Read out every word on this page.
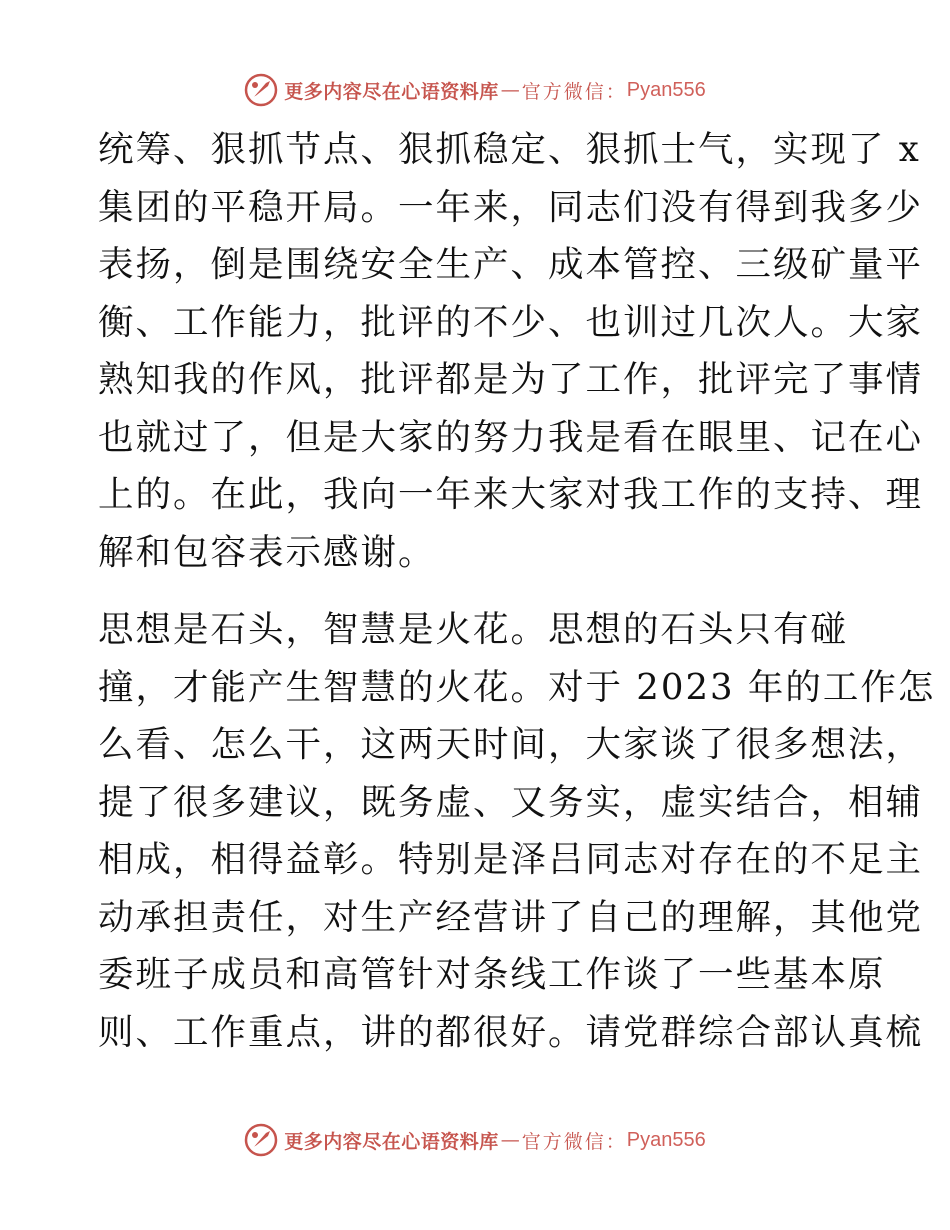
更多内容尽在心语资料库 — 官方微信： Pyan556
统筹、狠抓节点、狠抓稳定、狠抓士气，实现了 x
集团的平稳开局。一年来，同志们没有得到我多少
表扬，倒是围绕安全生产、成本管控、三级矿量平
衡、工作能力，批评的不少、也训过几次人。大家
熟知我的作风，批评都是为了工作，批评完了事情
也就过了，但是大家的努力我是看在眼里、记在心
上的。在此，我向一年来大家对我工作的支持、理
解和包容表示感谢。
思想是石头，智慧是火花。思想的石头只有碰
撞，才能产生智慧的火花。对于 2023 年的工作怎
么看、怎么干，这两天时间，大家谈了很多想法，
提了很多建议，既务虚、又务实，虚实结合，相辅
相成，相得益彰。特别是泽吕同志对存在的不足主
动承担责任，对生产经营讲了自己的理解，其他党
委班子成员和高管针对条线工作谈了一些基本原
则、工作重点，讲的都很好。请党群综合部认真梳
更多内容尽在心语资料库 — 官方微信： Pyan556
